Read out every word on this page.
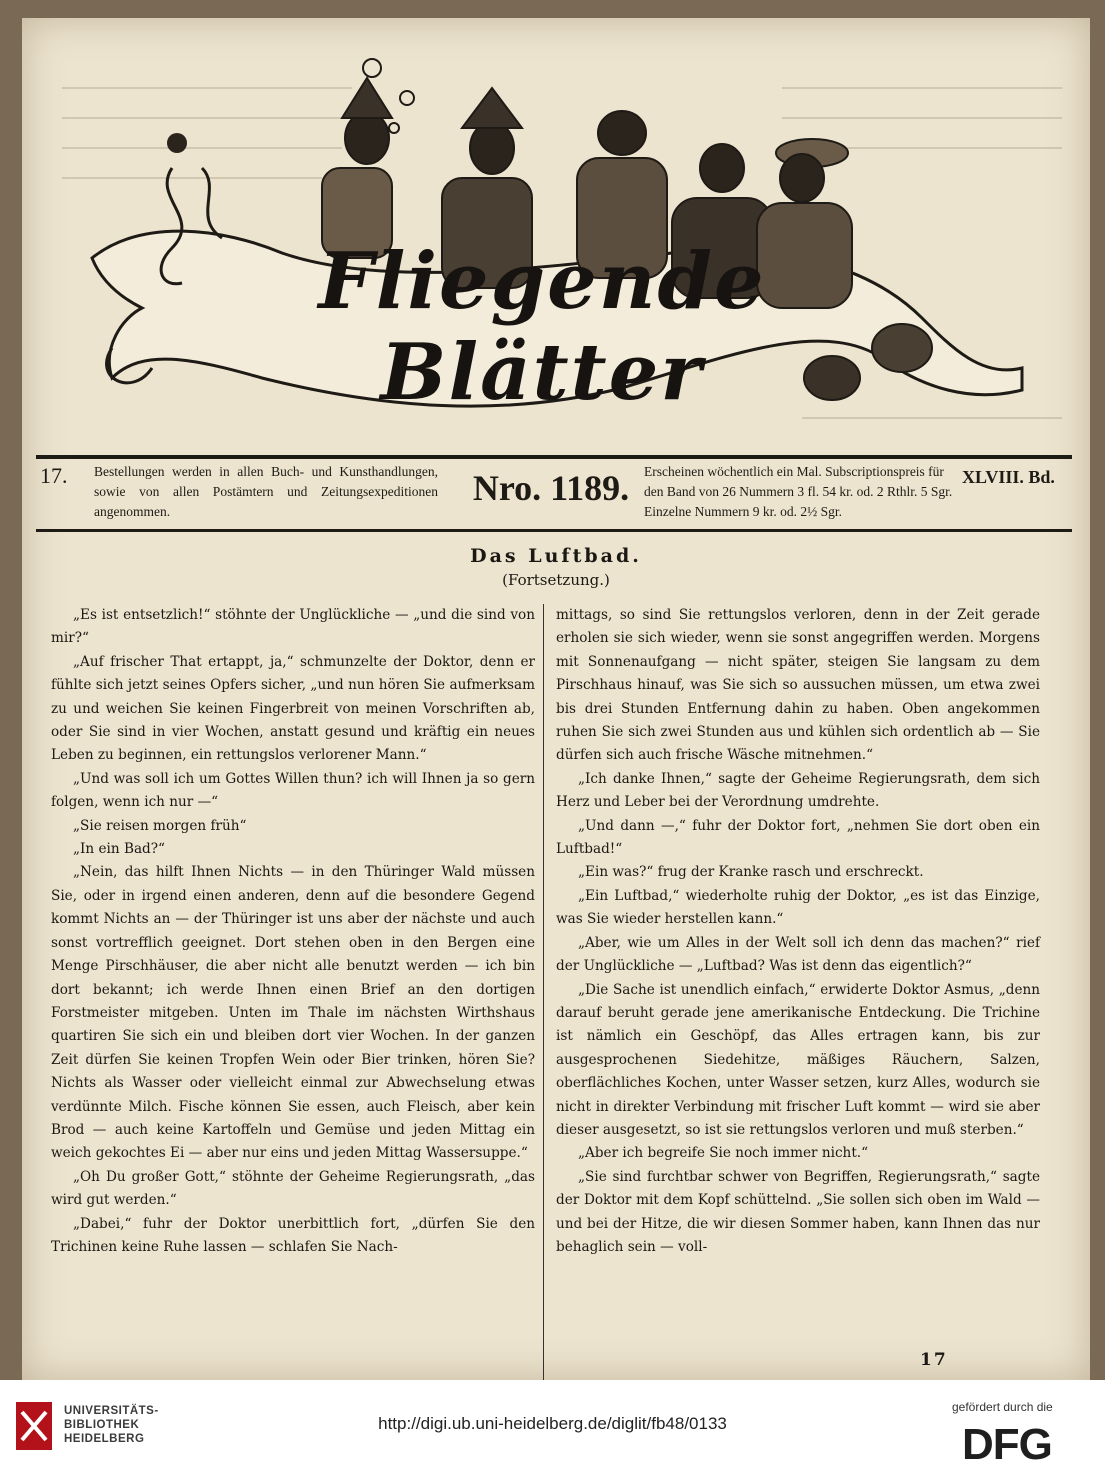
Fliegende Blätter
17. Bestellungen werden in allen Buch- und Kunsthandlungen, sowie von allen Postämtern und Zeitungsexpeditionen angenommen.
Nro. 1189.	Erscheinen wöchentlich ein Mal. Subscriptionspreis für den Band von 26 Nummern 3 fl. 54 kr. od. 2 Rthlr. 5 Sgr. Einzelne Nummern 9 kr. od. 2½ Sgr.
XLVIII. Bd.
Das Luftbad.
(Fortsetzung.)

„Es ist entsetzlich!“ stöhnte der Unglückliche — „und die sind von mir?“

„Auf frischer That ertappt, ja,“ schmunzelte der Doktor, denn er fühlte sich jetzt seines Opfers sicher, „und nun hören Sie aufmerksam zu und weichen Sie keinen Fingerbreit von meinen Vorschriften ab, oder Sie sind in vier Wochen, anstatt gesund und kräftig ein neues Leben zu beginnen, ein rettungslos verlorener Mann.“

„Und was soll ich um Gottes Willen thun? ich will Ihnen ja so gern folgen, wenn ich nur —“

„Sie reisen morgen früh“

„In ein Bad?“

„Nein, das hilft Ihnen Nichts — in den Thüringer Wald müssen Sie, oder in irgend einen anderen, denn auf die besondere Gegend kommt Nichts an — der Thüringer ist uns aber der nächste und auch sonst vortrefflich geeignet. Dort stehen oben in den Bergen eine Menge Pirschhäuser, die aber nicht alle benutzt werden — ich bin dort bekannt; ich werde Ihnen einen Brief an den dortigen Forstmeister mitgeben. Unten im Thale im nächsten Wirthshaus quartiren Sie sich ein und bleiben dort vier Wochen. In der ganzen Zeit dürfen Sie keinen Tropfen Wein oder Bier trinken, hören Sie? Nichts als Wasser oder vielleicht einmal zur Abwechselung etwas verdünnte Milch. Fische können Sie essen, auch Fleisch, aber kein Brod — auch keine Kartoffeln und Gemüse und jeden Mittag ein weich gekochtes Ei — aber nur eins und jeden Mittag Wassersuppe.“

„Oh Du großer Gott,“ stöhnte der Geheime Regierungsrath, „das wird gut werden.“

„Dabei,“ fuhr der Doktor unerbittlich fort, „dürfen Sie den Trichinen keine Ruhe lassen — schlafen Sie Nach-

mittags, so sind Sie rettungslos verloren, denn in der Zeit gerade erholen sie sich wieder, wenn sie sonst angegriffen werden. Morgens mit Sonnenaufgang — nicht später, steigen Sie langsam zu dem Pirschhaus hinauf, was Sie sich so aussuchen müssen, um etwa zwei bis drei Stunden Entfernung dahin zu haben. Oben angekommen ruhen Sie sich zwei Stunden aus und kühlen sich ordentlich ab — Sie dürfen sich auch frische Wäsche mitnehmen.“

„Ich danke Ihnen,“ sagte der Geheime Regierungsrath, dem sich Herz und Leber bei der Verordnung umdrehte.

„Und dann —,“ fuhr der Doktor fort, „nehmen Sie dort oben ein Luftbad!“

„Ein was?“ frug der Kranke rasch und erschreckt.

„Ein Luftbad,“ wiederholte ruhig der Doktor, „es ist das Einzige, was Sie wieder herstellen kann.“

„Aber, wie um Alles in der Welt soll ich denn das machen?“ rief der Unglückliche — „Luftbad? Was ist denn das eigentlich?“

„Die Sache ist unendlich einfach,“ erwiderte Doktor Asmus, „denn darauf beruht gerade jene amerikanische Entdeckung. Die Trichine ist nämlich ein Geschöpf, das Alles ertragen kann, bis zur ausgesprochenen Siedehitze, mäßiges Räuchern, Salzen, oberflächliches Kochen, unter Wasser setzen, kurz Alles, wodurch sie nicht in direkter Verbindung mit frischer Luft kommt — wird sie aber dieser ausgesetzt, so ist sie rettungslos verloren und muß sterben.“

„Aber ich begreife Sie noch immer nicht.“

„Sie sind furchtbar schwer von Begriffen, Regierungsrath,“ sagte der Doktor mit dem Kopf schüttelnd. „Sie sollen sich oben im Wald — und bei der Hitze, die wir diesen Sommer haben, kann Ihnen das nur behaglich sein — voll-

17
UNIVERSITÄTS-
BIBLIOTHEK
HEIDELBERG
http://digi.ub.uni-heidelberg.de/diglit/fb48/0133
gefördert durch die
DFG
